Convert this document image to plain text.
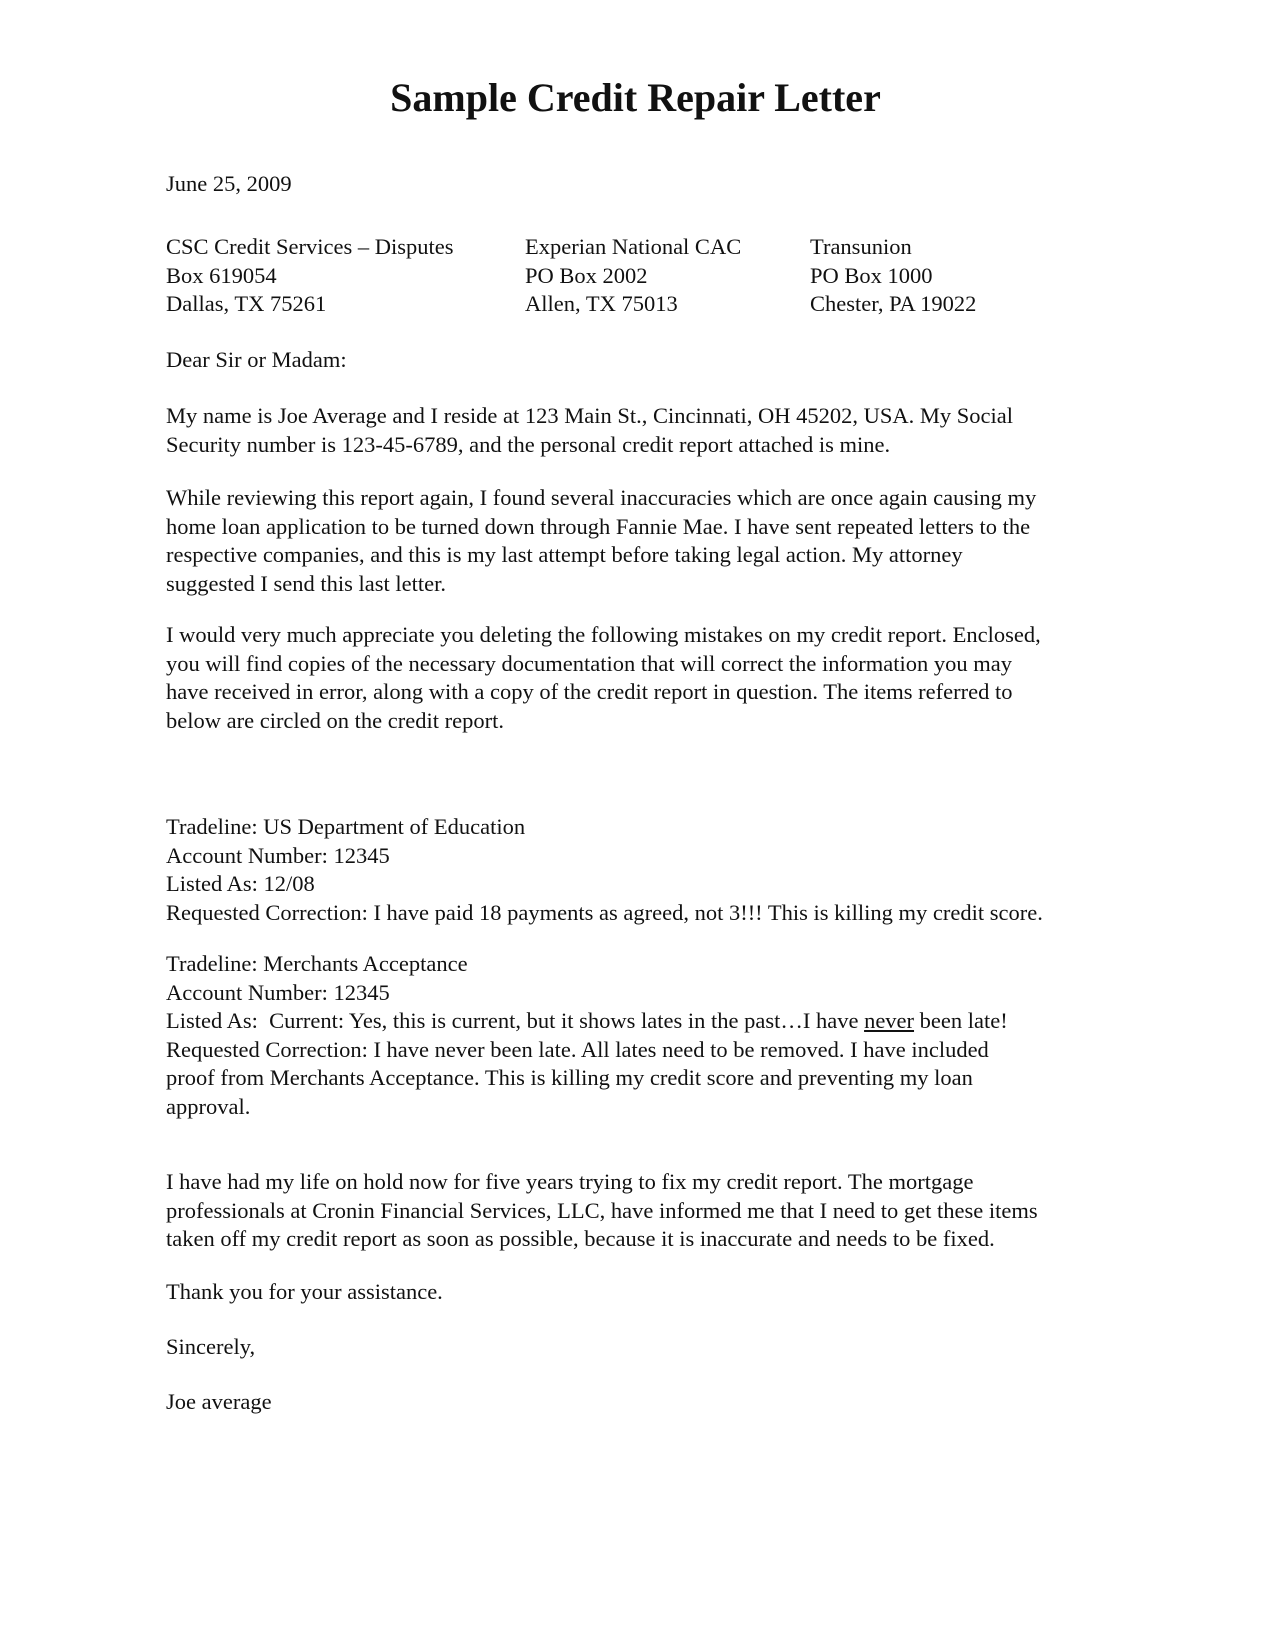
Sample Credit Repair Letter

June 25, 2009

CSC Credit Services – Disputes
Box 619054
Dallas, TX 75261
Experian National CAC
PO Box 2002
Allen, TX 75013
Transunion
PO Box 1000
Chester, PA 19022

Dear Sir or Madam:

My name is Joe Average and I reside at 123 Main St., Cincinnati, OH 45202, USA. My Social
Security number is 123-45-6789, and the personal credit report attached is mine.
While reviewing this report again, I found several inaccuracies which are once again causing my
home loan application to be turned down through Fannie Mae. I have sent repeated letters to the
respective companies, and this is my last attempt before taking legal action. My attorney
suggested I send this last letter.
I would very much appreciate you deleting the following mistakes on my credit report. Enclosed,
you will find copies of the necessary documentation that will correct the information you may
have received in error, along with a copy of the credit report in question. The items referred to
below are circled on the credit report.
Tradeline: US Department of Education
Account Number: 12345
Listed As: 12/08
Requested Correction: I have paid 18 payments as agreed, not 3!!! This is killing my credit score.
Tradeline: Merchants Acceptance
Account Number: 12345
Listed As:  Current: Yes, this is current, but it shows lates in the past…I have never been late!
Requested Correction: I have never been late. All lates need to be removed. I have included
proof from Merchants Acceptance. This is killing my credit score and preventing my loan
approval.
I have had my life on hold now for five years trying to fix my credit report. The mortgage
professionals at Cronin Financial Services, LLC, have informed me that I need to get these items
taken off my credit report as soon as possible, because it is inaccurate and needs to be fixed.

Thank you for your assistance.

Sincerely,

Joe average
